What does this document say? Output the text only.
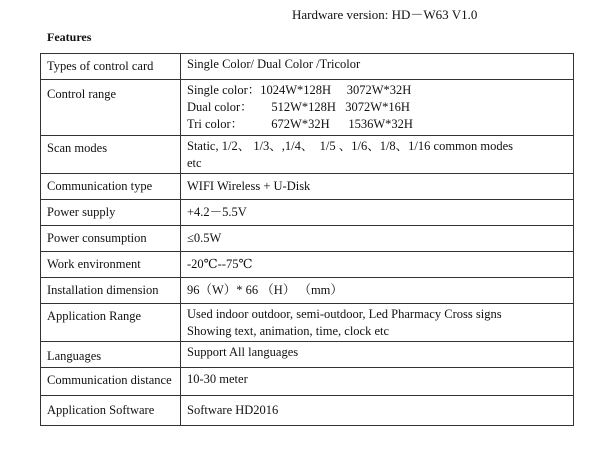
Hardware version: HD－W63 V1.0
Features
Types of control card	Single Color/ Dual Color /Tricolor
Control range	Single color：1024W*128H     3072W*32H
Dual color：      512W*128H   3072W*16H
Tri color：         672W*32H      1536W*32H

Scan modes	Static, 1/2、 1/3、,1/4、  1/5 、1/6、1/8、1/16 common modes
etc

Communication type	WIFI Wireless + U-Disk
Power supply	+4.2－5.5V
Power consumption	≤0.5W
Work environment	-20℃--75℃
Installation dimension	96（W）* 66 （H） （mm）
Application Range	Used indoor outdoor, semi-outdoor, Led Pharmacy Cross signs
Showing text, animation, time, clock etc

Languages	Support All languages
Communication distance	10-30 meter
Application Software	Software HD2016
